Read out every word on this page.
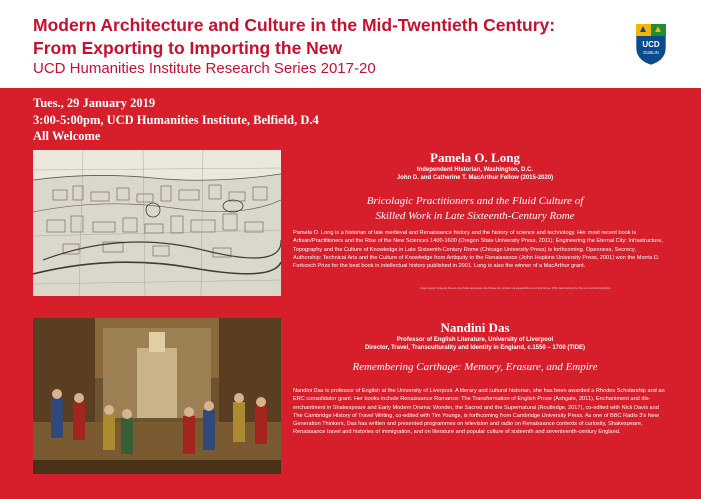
Modern Architecture and Culture in the Mid-Twentieth Century:
From Exporting to Importing the New
UCD Humanities Institute Research Series 2017-20
UCD
DUBLIN
Tues., 29 January 2019
3:00-5:00pm, UCD Humanities Institute, Belfield, D.4
All Welcome
Pamela O. Long
Independent Historian, Washington, D.C.
John D. and Catherine T. MacArthur Fellow (2015-2020)
Bricolagic Practitioners and the Fluid Culture of
Skilled Work in Late Sixteenth-Century Rome
Pamela O. Long is a historian of late medieval and Renaissance history and the history of science and technology. Her most recent book is Artisan/Practitioners and the Rise of the New Sciences 1400-1600 (Oregon State University Press, 2011); Engineering the Eternal City: Infrastructure, Topography and the Culture of Knowledge in Late Sixteenth-Century Rome (Chicago University Press) is forthcoming. Openness, Secrecy, Authorship: Technical Arts and the Culture of Knowledge from Antiquity to the Renaissance (John Hopkins University Press, 2001) won the Morris D. Forkosch Prize for the best book in intellectual history published in 2001. Long is also the winner of a MacArthur grant.
Image: Antonio Tempesta, Recens prout hodie iacet almae urbis Romae cum omnibus viis aquaeductibus et templis Romae, 1593; detail showing the Tiber and surrounding districts.
Nandini Das
Professor of English Literature, University of Liverpool
Director, Travel, Transculturality and Identity in England, c.1550 – 1700 (TIDE)
Remembering Carthage: Memory, Erasure, and Empire
Nandini Das is professor of English at the University of Liverpool. A literary and cultural historian, she has been awarded a Rhodes Scholarship and an ERC consolidator grant. Her books include Renaissance Romance: The Transformation of English Prose (Ashgate, 2011), Enchantment and dis-enchantment in Shakespeare and Early Modern Drama: Wonder, the Sacred and the Supernatural (Routledge, 2017), co-edited with Nick Davis and The Cambridge History of Travel Writing, co-edited with Tim Youngs, is forthcoming from Cambridge University Press. As one of BBC Radio 3's New Generation Thinkers, Das has written and presented programmes on television and radio on Renaissance contexts of curiosity, Shakespeare, Renaissance travel and histories of immigration, and on literature and popular culture of sixteenth and seventeenth-century England.
